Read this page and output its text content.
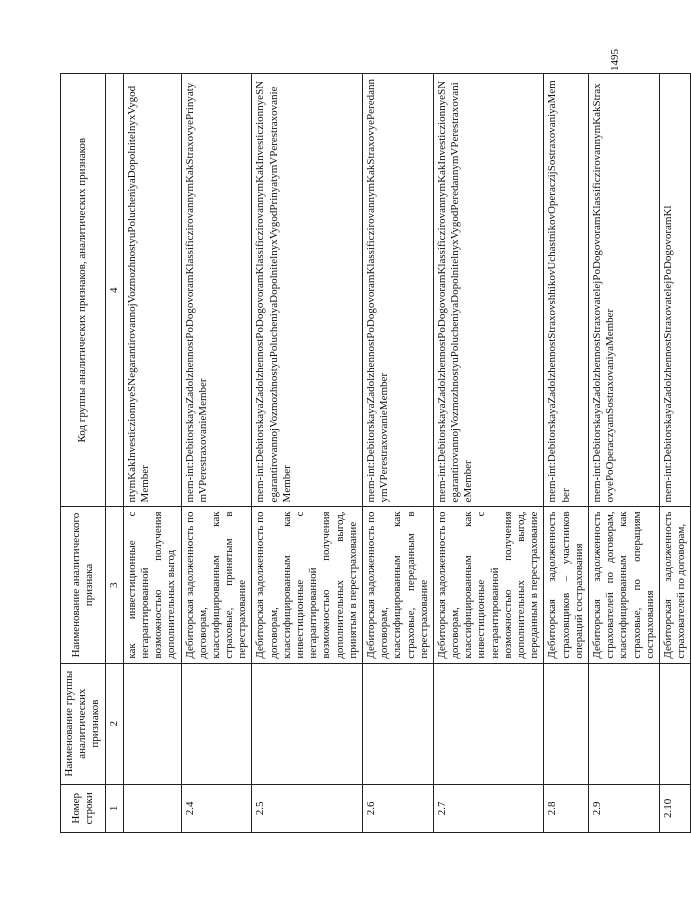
1495
Номер строки	Наименование группы аналитических признаков	Наименование аналитического признака	Код группы аналитических признаков, аналитических признаков
1	2	3	4
		как инвестиционные с негарантированной возможностью получения дополнительных выгод	ntymKakInvesticzionnyeSNegarantirovannojVozmozhnostyuPolucheniyaDopolnitelnyxVygodMember
2.4		Дебиторская задолженность по договорам, классифицированным как страховые, принятым в перестрахование	mem-int:DebitorskayaZadolzhennostPoDogovoramKlassificzirovannymKakStraxovyePrinyatymVPerestraxovanieMember
2.5		Дебиторская задолженность по договорам, классифицированным как инвестиционные с негарантированной возможностью получения дополнительных выгод, принятым в перестрахование	mem-int:DebitorskayaZadolzhennostPoDogovoramKlassificzirovannymKakInvesticzionnyeSNegarantirovannojVozmozhnostyuPolucheniyaDopolnitelnyxVygodPrinyatymVPerestraxovanieMember
2.6		Дебиторская задолженность по договорам, классифицированным как страховые, переданным в перестрахование	mem-int:DebitorskayaZadolzhennostPoDogovoramKlassificzirovannymKakStraxovyePeredannymVPerestraxovanieMember
2.7		Дебиторская задолженность по договорам, классифицированным как инвестиционные с негарантированной возможностью получения дополнительных выгод, переданным в перестрахование	mem-int:DebitorskayaZadolzhennostPoDogovoramKlassificzirovannymKakInvesticzionnyeSNegarantirovannojVozmozhnostyuPolucheniyaDopolnitelnyxVygodPeredannymVPerestraxovanieMember
2.8		Дебиторская задолженность страховщиков – участников операций сострахования	mem-int:DebitorskayaZadolzhennostStraxovshhikovUchastnikovOperaczijSostraxovaniyaMember
2.9		Дебиторская задолженность страхователей по договорам, классифицированным как страховые, по операциям сострахования	mem-int:DebitorskayaZadolzhennostStraxovatelejPoDogovoramKlassificzirovannymKakStraxovyePoOperaczyamSostraxovaniyaMember
2.10		Дебиторская задолженность страхователей по договорам,	mem-int:DebitorskayaZadolzhennostStraxovatelejPoDogovoramKl
